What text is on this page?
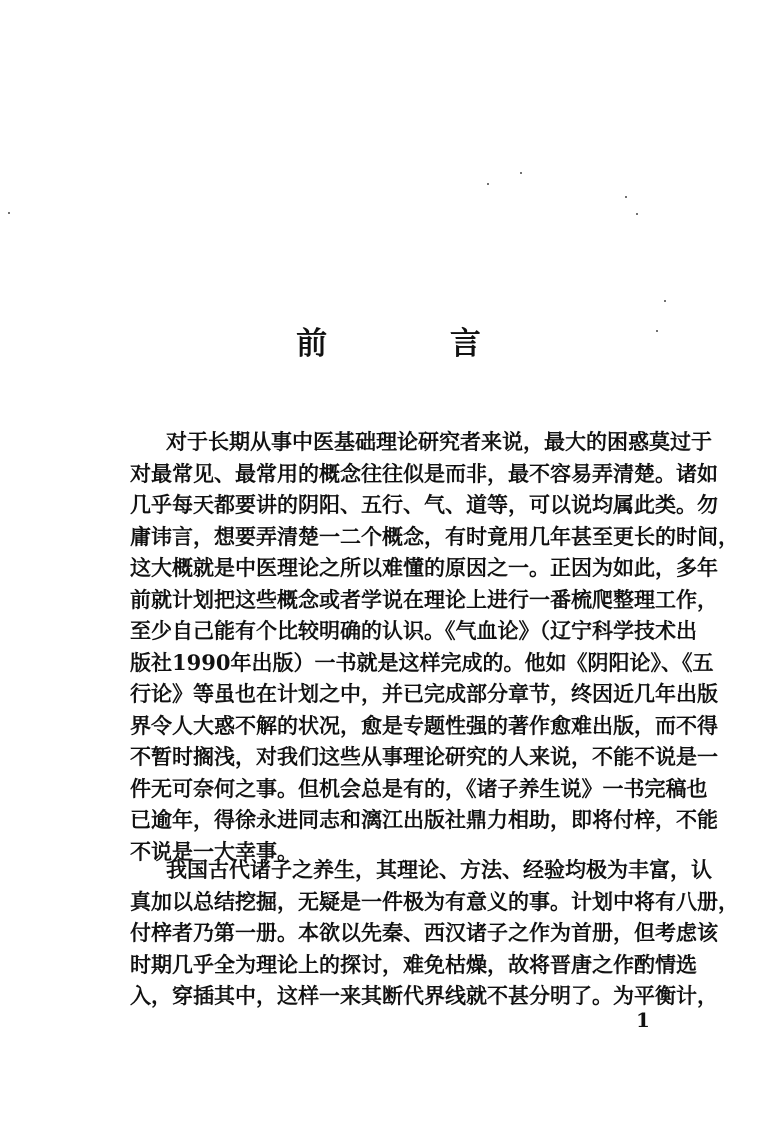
前 言
对于长期从事中医基础理论研究者来说，最大的困惑莫过于
对最常见、最常用的概念往往似是而非，最不容易弄清楚。诸如
几乎每天都要讲的阴阳、五行、气、道等，可以说均属此类。勿
庸讳言，想要弄清楚一二个概念，有时竟用几年甚至更长的时间，
这大概就是中医理论之所以难懂的原因之一。正因为如此，多年
前就计划把这些概念或者学说在理论上进行一番梳爬整理工作，
至少自己能有个比较明确的认识。《气血论》（辽宁科学技术出
版社1990年出版）一书就是这样完成的。他如《阴阳论》、《五
行论》等虽也在计划之中，并已完成部分章节，终因近几年出版
界令人大惑不解的状况，愈是专题性强的著作愈难出版，而不得
不暂时搁浅，对我们这些从事理论研究的人来说，不能不说是一
件无可奈何之事。但机会总是有的，《诸子养生说》一书完稿也
已逾年，得徐永进同志和漓江出版社鼎力相助，即将付梓，不能
不说是一大幸事。
我国古代诸子之养生，其理论、方法、经验均极为丰富，认
真加以总结挖掘，无疑是一件极为有意义的事。计划中将有八册，
付梓者乃第一册。本欲以先秦、西汉诸子之作为首册，但考虑该
时期几乎全为理论上的探讨，难免枯燥，故将晋唐之作酌情选
入，穿插其中，这样一来其断代界线就不甚分明了。为平衡计，
1
